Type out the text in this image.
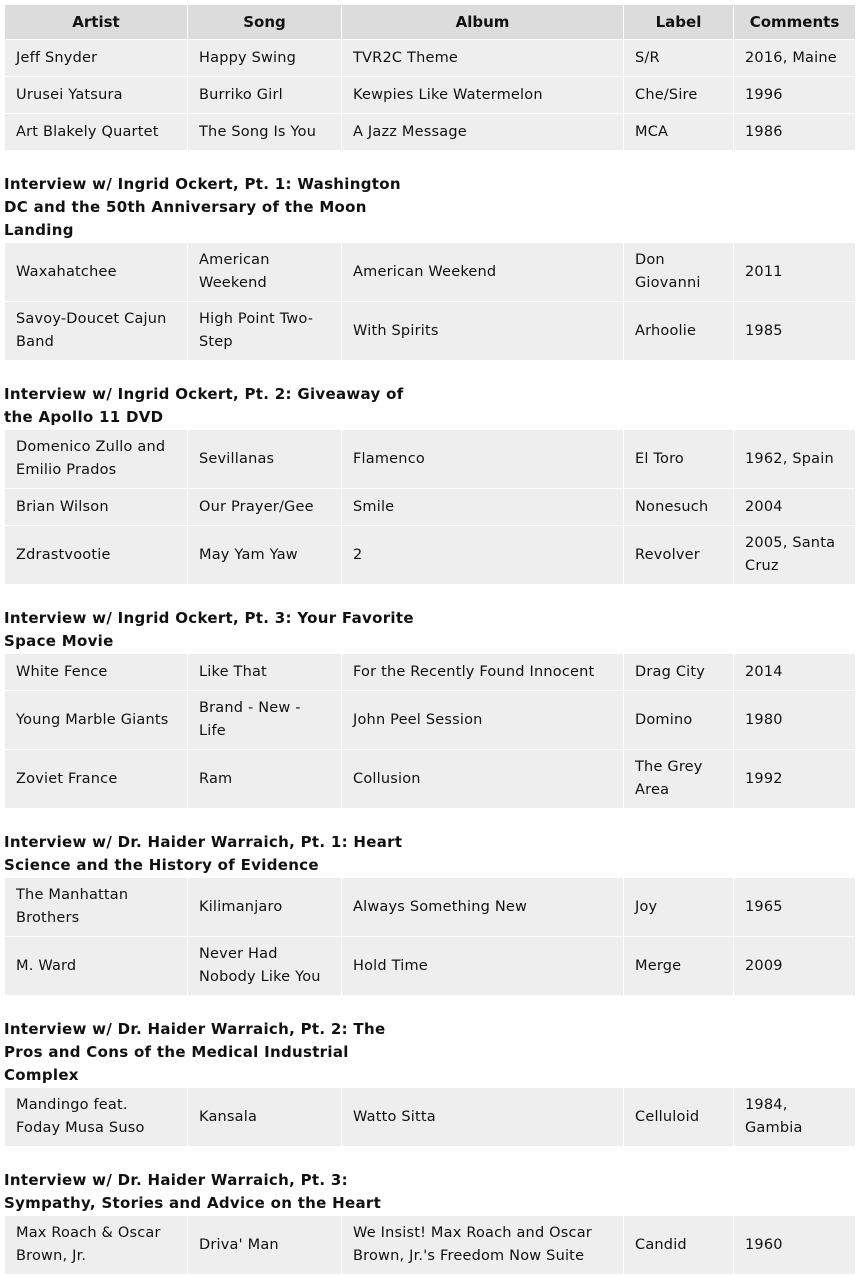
Artist	Song	Album	Label	Comments
Jeff Snyder	Happy Swing	TVR2C Theme	S/R	2016, Maine
Urusei Yatsura	Burriko Girl	Kewpies Like Watermelon	Che/Sire	1996
Art Blakely Quartet	The Song Is You	A Jazz Message	MCA	1986
Interview w/ Ingrid Ockert, Pt. 1: Washington DC and the 50th Anniversary of the Moon Landing
Waxahatchee	American Weekend	American Weekend	Don Giovanni	2011
Savoy-Doucet Cajun Band	High Point Two-Step	With Spirits	Arhoolie	1985
Interview w/ Ingrid Ockert, Pt. 2: Giveaway of the Apollo 11 DVD
Domenico Zullo and Emilio Prados	Sevillanas	Flamenco	El Toro	1962, Spain
Brian Wilson	Our Prayer/Gee	Smile	Nonesuch	2004
Zdrastvootie	May Yam Yaw	2	Revolver	2005, Santa Cruz
Interview w/ Ingrid Ockert, Pt. 3: Your Favorite Space Movie
White Fence	Like That	For the Recently Found Innocent	Drag City	2014
Young Marble Giants	Brand - New - Life	John Peel Session	Domino	1980
Zoviet France	Ram	Collusion	The Grey Area	1992
Interview w/ Dr. Haider Warraich, Pt. 1: Heart Science and the History of Evidence
The Manhattan Brothers	Kilimanjaro	Always Something New	Joy	1965
M. Ward	Never Had Nobody Like You	Hold Time	Merge	2009
Interview w/ Dr. Haider Warraich, Pt. 2: The Pros and Cons of the Medical Industrial Complex
Mandingo feat. Foday Musa Suso	Kansala	Watto Sitta	Celluloid	1984, Gambia
Interview w/ Dr. Haider Warraich, Pt. 3: Sympathy, Stories and Advice on the Heart
Max Roach & Oscar Brown, Jr.	Driva' Man	We Insist! Max Roach and Oscar Brown, Jr.'s Freedom Now Suite	Candid	1960
